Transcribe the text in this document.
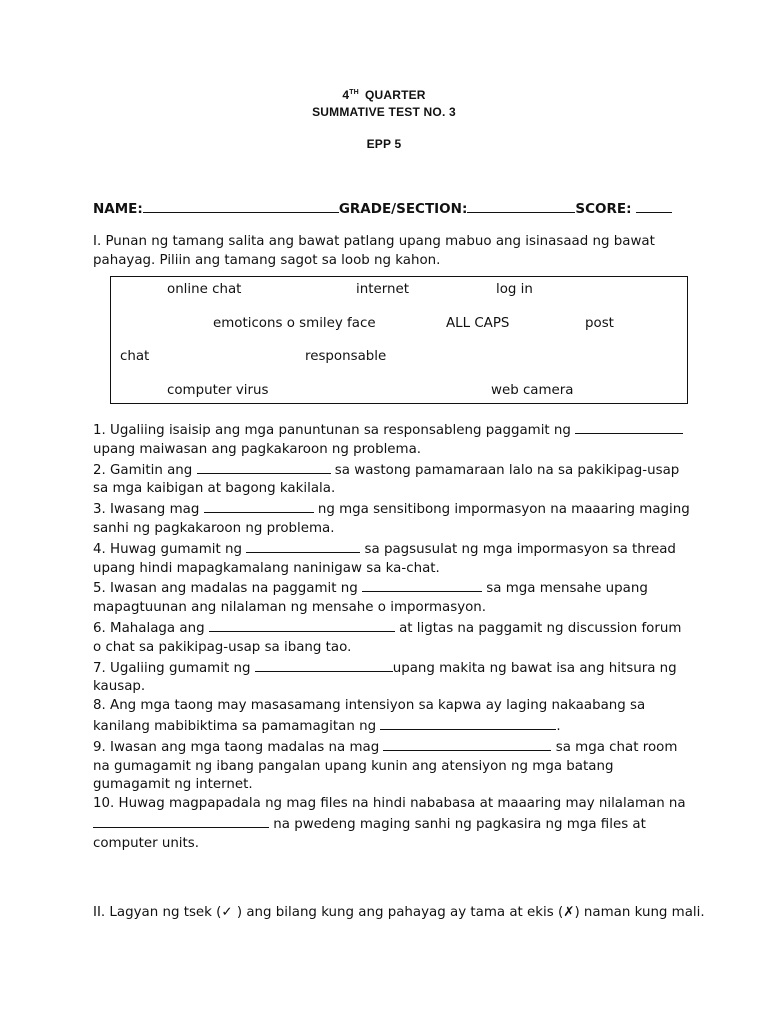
4TH QUARTER
SUMMATIVE TEST NO. 3
EPP 5
NAME:	GRADE/SECTION:	SCORE:
I. Punan ng tamang salita ang bawat patlang upang mabuo ang isinasaad ng bawat pahayag. Piliin ang tamang sagot sa loob ng kahon.
online chat	internet	log in
emoticons o smiley face	ALL CAPS	post
chat	responsable
computer virus	web camera

1. Ugaliing isaisip ang mga panuntunan sa responsableng paggamit ng  upang maiwasan ang pagkakaroon ng problema.

2. Gamitin ang	sa wastong pamamaraan lalo na sa pakikipag-usap sa mga kaibigan at bagong kakilala.

3. Iwasang mag	ng mga sensitibong impormasyon na maaaring maging sanhi ng pagkakaroon ng problema.

4. Huwag gumamit ng	sa pagsusulat ng mga impormasyon sa thread upang hindi mapagkamalang naninigaw sa ka-chat.

5. Iwasan ang madalas na paggamit ng	sa mga mensahe upang mapagtuunan ang nilalaman ng mensahe o impormasyon.

6. Mahalaga ang	at ligtas na paggamit ng discussion forum o chat sa pakikipag-usap sa ibang tao.

7. Ugaliing gumamit ng	upang makita ng bawat isa ang hitsura ng kausap.

8. Ang mga taong may masasamang intensiyon sa kapwa ay laging nakaabang sa kanilang mabibiktima sa pamamagitan ng	.

9. Iwasan ang mga taong madalas na mag	sa mga chat room na gumagamit ng ibang pangalan upang kunin ang atensiyon ng mga batang gumagamit ng internet.

10. Huwag magpapadala ng mag files na hindi nababasa at maaaring may nilalaman na  na pwedeng maging sanhi ng pagkasira ng mga files at computer units.

II. Lagyan ng tsek (✓ ) ang bilang kung ang pahayag ay tama at ekis (✗) naman kung mali.
